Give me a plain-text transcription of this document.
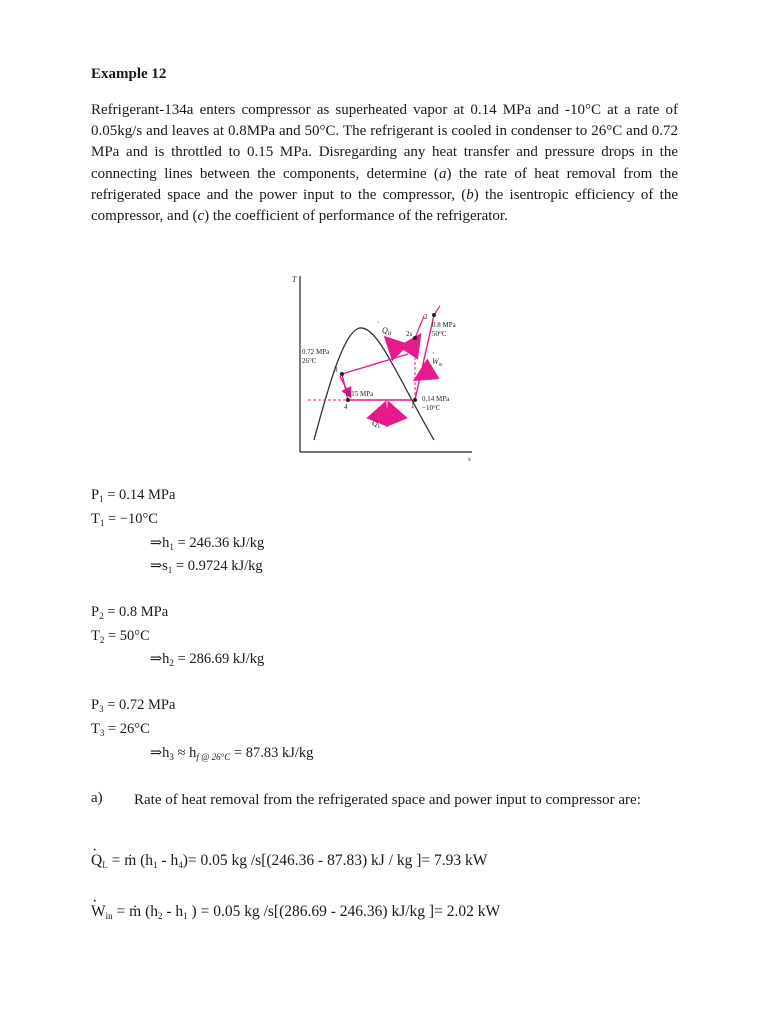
Example 12
Refrigerant-134a enters compressor as superheated vapor at 0.14 MPa and -10°C at a rate of 0.05kg/s and leaves at 0.8MPa and 50°C. The refrigerant is cooled in condenser to 26°C and 0.72 MPa and is throttled to 0.15 MPa. Disregarding any heat transfer and pressure drops in the connecting lines between the components, determine (a) the rate of heat removal from the refrigerated space and the power input to the compressor, (b) the isentropic efficiency of the compressor, and (c) the coefficient of performance of the refrigerator.
T
s
1
2
2s
3
4
0.72 MPa
26°C
0.8 MPa
50°C
0.15 MPa
0.14 MPa
−10°C
$Q_H$
·
$W_{in}$
·
$Q_L$
·
$P_1 = 0.14$ MPa
$T_1 = -10^\circ C$
$\Rightarrow h_1 = 246.36$ kJ/kg
$\Rightarrow s_1 = 0.9724$ kJ/kg
$P_2 = 0.8$ MPa
$T_2 = 50^\circ C$
$\Rightarrow h_2 = 286.69$ kJ/kg
$P_3 = 0.72$ MPa
$T_3 = 26^\circ C$
$\Rightarrow h_3 \approx h_{f @ 26^\circ C} = 87.83$ kJ/kg
a) Rate of heat removal from the refrigerated space and power input to compressor are:
· $Q_L$ = ṁ $(h_1 - h_4)= 0.05$ kg /s[(246.36 - 87.83) kJ / kg ]= 7.93 kW
· $W_{in}$ = ṁ ($h_2 - h_1$ ) = 0.05 kg /s[(286.69 - 246.36) kJ/kg ]= 2.02 kW
